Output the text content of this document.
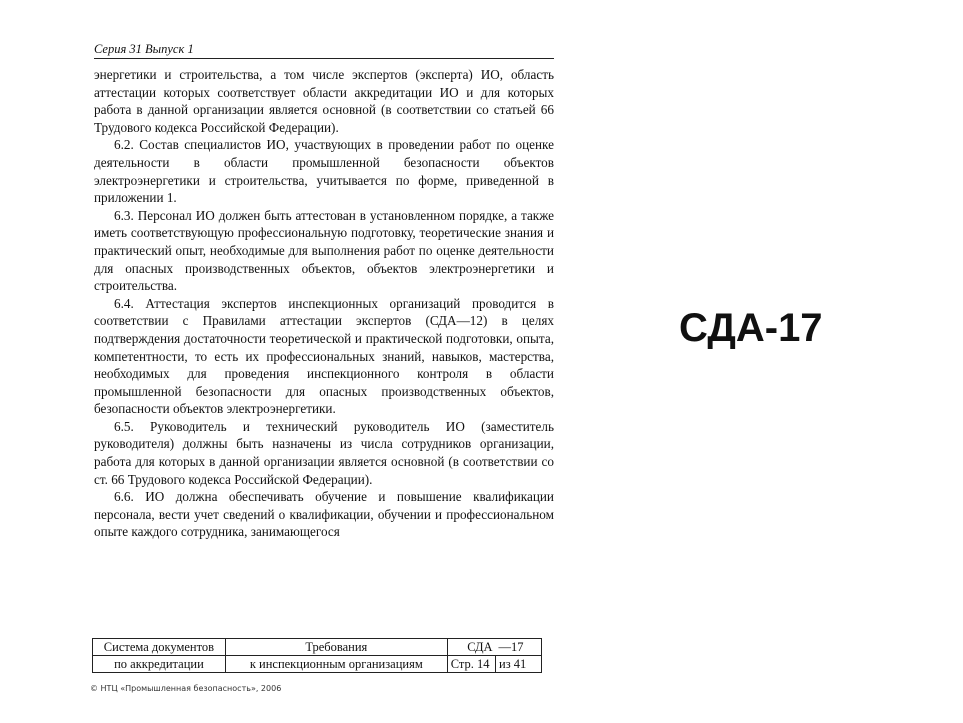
Серия 31 Выпуск 1

энергетики и строительства, а том числе экспертов (эксперта) ИО, область аттестации которых соответствует области аккредитации ИО и для которых работа в данной организации является основной (в соответствии со статьей 66 Трудового кодекса Российской Федерации).

6.2. Состав специалистов ИО, участвующих в проведении работ по оценке деятельности в области промышленной безопасности объектов электроэнергетики и строительства, учитывается по форме, приведенной в приложении 1.

6.3. Персонал ИО должен быть аттестован в установленном порядке, а также иметь соответствующую профессиональную подготовку, теоретические знания и практический опыт, необходимые для выполнения работ по оценке деятельности для опасных производственных объектов, объектов электроэнергетики и строительства.

6.4. Аттестация экспертов инспекционных организаций проводится в соответствии с Правилами аттестации экспертов (СДА—12) в целях подтверждения достаточности теоретической и практической подготовки, опыта, компетентности, то есть их профессиональных знаний, навыков, мастерства, необходимых для проведения инспекционного контроля в области промышленной безопасности для опасных производственных объектов, безопасности объектов электроэнергетики.

6.5. Руководитель и технический руководитель ИО (заместитель руководителя) должны быть назначены из числа сотрудников организации, работа для которых в данной организации является основной (в соответствии со ст. 66 Трудового кодекса Российской Федерации).

6.6. ИО должна обеспечивать обучение и повышение квалификации персонала, вести учет сведений о квалификации, обучении и профессиональном опыте каждого сотрудника, занимающегося

Система документов	Требования	СДА	—17
по аккредитации	к инспекционным организациям	Стр. 14	из 41
© НТЦ «Промышленная безопасность», 2006
СДА-17
